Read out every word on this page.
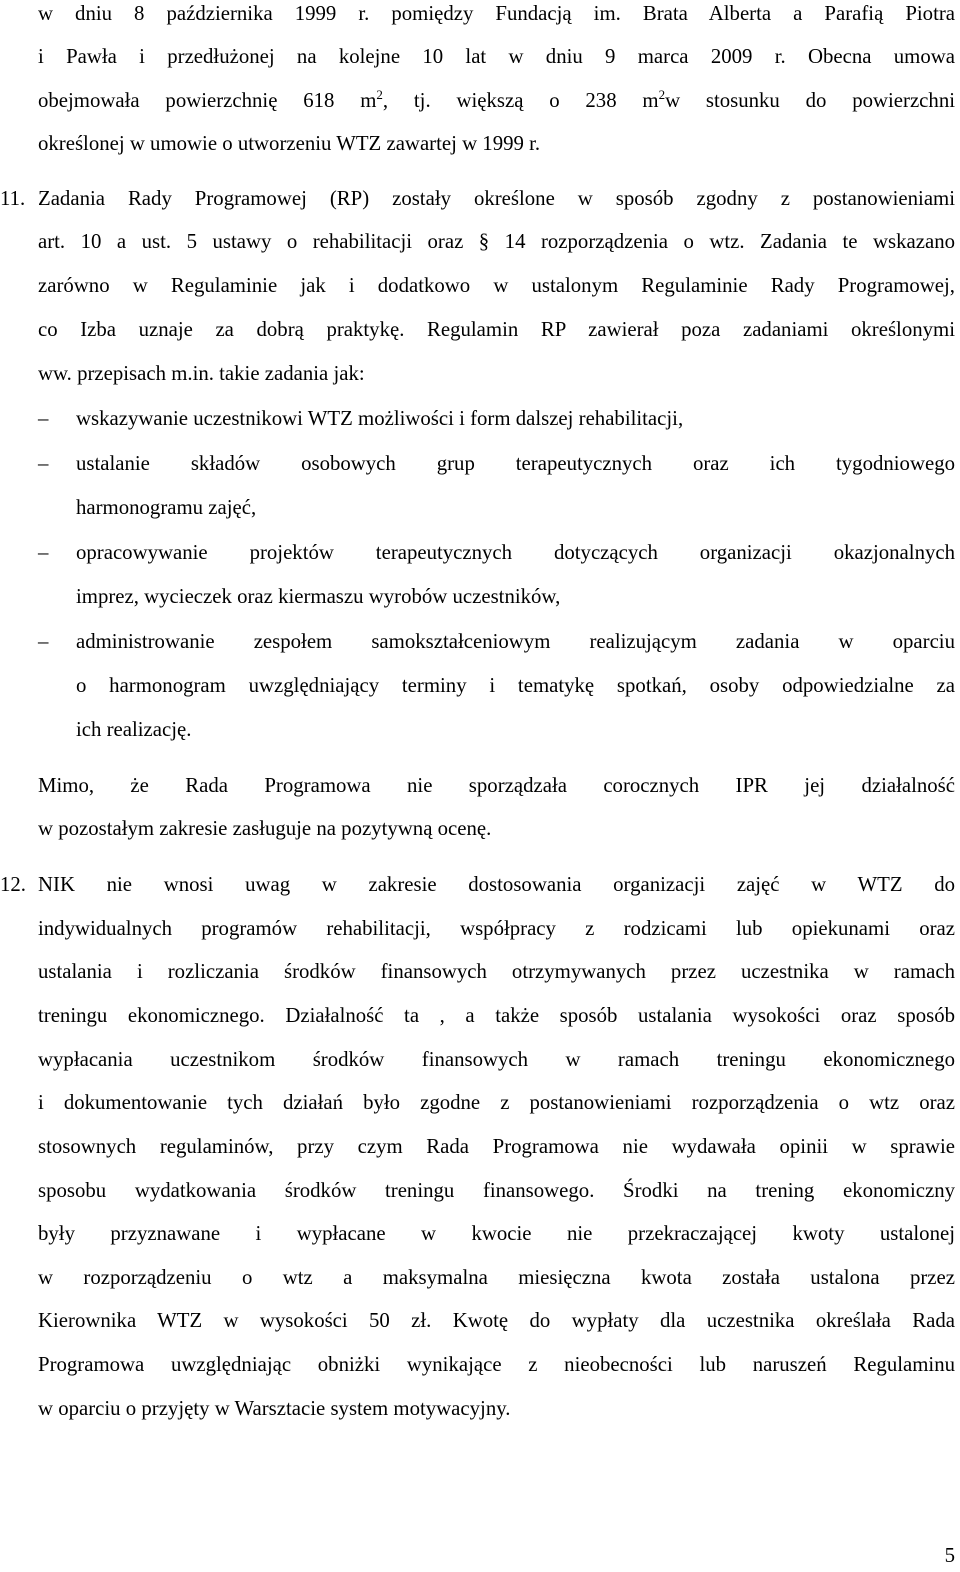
w dniu 8 października 1999 r. pomiędzy Fundacją im. Brata Alberta a Parafią Piotra
i Pawła i przedłużonej na kolejne 10 lat w dniu 9 marca 2009 r. Obecna umowa
obejmowała powierzchnię 618 $m^2$, tj. większą o 238 $m^2w$ stosunku do powierzchni
określonej w umowie o utworzeniu WTZ zawartej w 1999 r.
11. Zadania Rady Programowej (RP) zostały określone w sposób zgodny z postanowieniami
art. 10 a ust. 5 ustawy o rehabilitacji oraz § 14 rozporządzenia o wtz. Zadania te wskazano
zarówno w Regulaminie jak i dodatkowo w ustalonym Regulaminie Rady Programowej,
co Izba uznaje za dobrą praktykę. Regulamin RP zawierał poza zadaniami określonymi
ww. przepisach m.in. takie zadania jak:
– wskazywanie uczestnikowi WTZ możliwości i form dalszej rehabilitacji,
– ustalanie składów osobowych grup terapeutycznych oraz ich tygodniowego
harmonogramu zajęć,
– opracowywanie projektów terapeutycznych dotyczących organizacji okazjonalnych
imprez, wycieczek oraz kiermaszu wyrobów uczestników,
– administrowanie zespołem samokształceniowym realizującym zadania w oparciu
o harmonogram uwzględniający terminy i tematykę spotkań, osoby odpowiedzialne za
ich realizację.
Mimo, że Rada Programowa nie sporządzała corocznych IPR jej działalność
w pozostałym zakresie zasługuje na pozytywną ocenę.
12. NIK nie wnosi uwag w zakresie dostosowania organizacji zajęć w WTZ do
indywidualnych programów rehabilitacji, współpracy z rodzicami lub opiekunami oraz
ustalania i rozliczania środków finansowych otrzymywanych przez uczestnika w ramach
treningu ekonomicznego. Działalność ta , a także sposób ustalania wysokości oraz sposób
wypłacania uczestnikom środków finansowych w ramach treningu ekonomicznego
i dokumentowanie tych działań było zgodne z postanowieniami rozporządzenia o wtz oraz
stosownych regulaminów, przy czym Rada Programowa nie wydawała opinii w sprawie
sposobu wydatkowania środków treningu finansowego. Środki na trening ekonomiczny
były przyznawane i wypłacane w kwocie nie przekraczającej kwoty ustalonej
w rozporządzeniu o wtz a maksymalna miesięczna kwota została ustalona przez
Kierownika WTZ w wysokości 50 zł. Kwotę do wypłaty dla uczestnika określała Rada
Programowa uwzględniając obniżki wynikające z nieobecności lub naruszeń Regulaminu
w oparciu o przyjęty w Warsztacie system motywacyjny.
5
